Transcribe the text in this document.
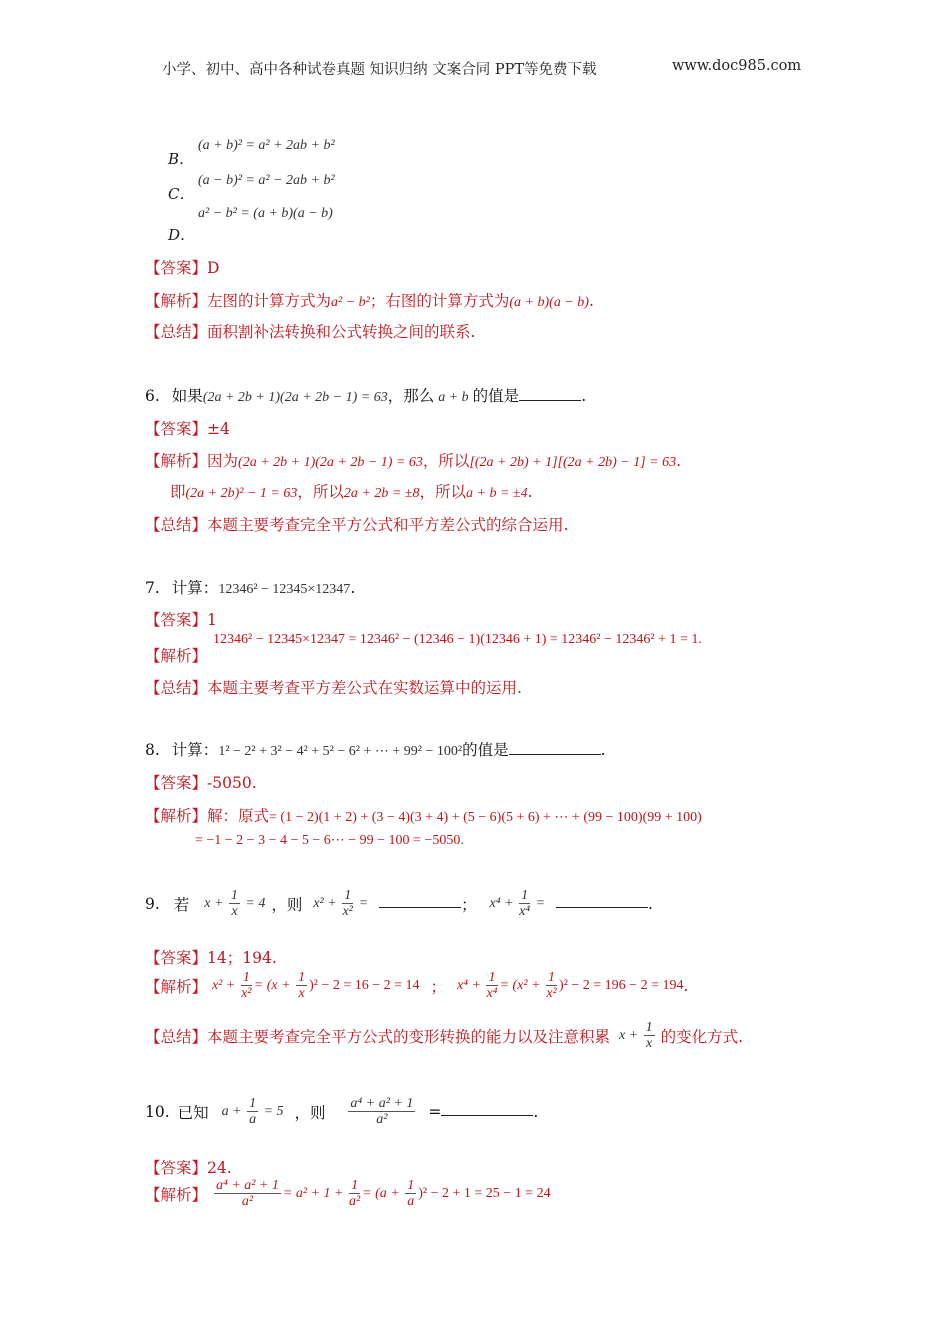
小学、初中、高中各种试卷真题 知识归纳 文案合同 PPT等免费下载	www.doc985.com
B．
(a + b)² = a² + 2ab + b²
C．
(a − b)² = a² − 2ab + b²
a² − b² = (a + b)(a − b)
D．
【答案】D
【解析】左图的计算方式为a² − b²；右图的计算方式为(a + b)(a − b).
【总结】面积割补法转换和公式转换之间的联系.
6. 如果(2a + 2b + 1)(2a + 2b − 1) = 63，那么 a + b 的值是	.
【答案】±4
【解析】因为(2a + 2b + 1)(2a + 2b − 1) = 63，所以[(2a + 2b) + 1][(2a + 2b) − 1] = 63.
即(2a + 2b)² − 1 = 63，所以2a + 2b = ±8，所以a + b = ±4.
【总结】本题主要考查完全平方公式和平方差公式的综合运用.
7. 计算：12346² − 12345×12347.
【答案】1
12346² − 12345×12347 = 12346² − (12346 − 1)(12346 + 1) = 12346² − 12346² + 1 = 1.
【解析】
【总结】本题主要考查平方差公式在实数运算中的运用.
8. 计算：1² − 2² + 3² − 4² + 5² − 6² + ⋯ + 99² − 100²的值是	.
【答案】-5050.
【解析】解：原式= (1 − 2)(1 + 2) + (3 − 4)(3 + 4) + (5 − 6)(5 + 6) + ⋯ + (99 − 100)(99 + 100)
= −1 − 2 − 3 − 4 − 5 − 6⋯ − 99 − 100 = −5050.
9. 若 $x + \frac{1}{x} = 4$ ，则 $x^2 + \frac{1}{\text{x²}}$ =	； $x^4 + \frac{1}{\text{x⁴}}$ =	.
【答案】14；194.
【解析】 $x^2 + \frac{1}{\text{x²}} = (x + \frac{1}{x} )^2 - 2 = 16 - 2 = 14$ ； $x^4 + \frac{1}{\text{x⁴}} = (x^2 + \frac{1}{\text{x²}} )^2 - 2 = 196 - 2 = 194$.
【总结】本题主要考查完全平方公式的变形转换的能力以及注意积累 $x + \frac{1}{x}$ 的变化方式.
10. 已知 $a + \frac{1}{a} = 5$ ，则 $\frac{\text{a⁴ + a² + 1}}{\text{a²}}$ =	.
【答案】24.
【解析】 $\frac{\text{a⁴ + a² + 1}}{\text{a²}} = a^2 + 1 + \frac{1}{\text{a²}} = (a + \frac{1}{a} )^2 - 2 + 1 = 25 - 1 = 24$
